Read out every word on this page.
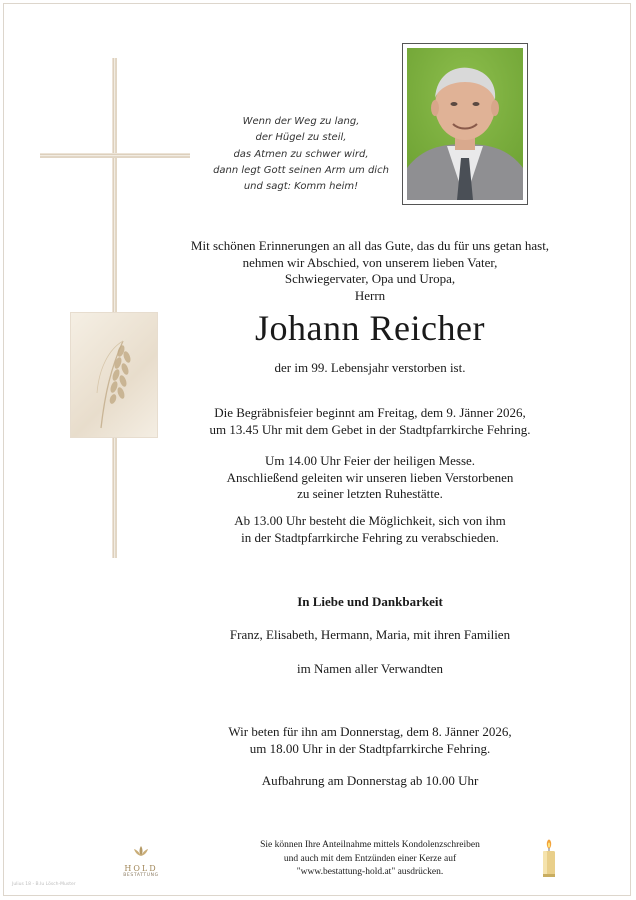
Wenn der Weg zu lang,
der Hügel zu steil,
das Atmen zu schwer wird,
dann legt Gott seinen Arm um dich
und sagt: Komm heim!
Mit schönen Erinnerungen an all das Gute, das du für uns getan hast,
nehmen wir Abschied, von unserem lieben Vater,
Schwiegervater, Opa und Uropa,
Herrn
Johann Reicher
der im 99. Lebensjahr verstorben ist.
Die Begräbnisfeier beginnt am Freitag, dem 9. Jänner 2026,
um 13.45 Uhr mit dem Gebet in der Stadtpfarrkirche Fehring.
Um 14.00 Uhr Feier der heiligen Messe.
Anschließend geleiten wir unseren lieben Verstorbenen
zu seiner letzten Ruhestätte.
Ab 13.00 Uhr besteht die Möglichkeit, sich von ihm
in der Stadtpfarrkirche Fehring zu verabschieden.
In Liebe und Dankbarkeit
Franz, Elisabeth, Hermann, Maria, mit ihren Familien
im Namen aller Verwandten
Wir beten für ihn am Donnerstag, dem 8. Jänner 2026,
um 18.00 Uhr in der Stadtpfarrkirche Fehring.
Aufbahrung am Donnerstag ab 10.00 Uhr
Sie können Ihre Anteilnahme mittels Kondolenzschreiben
und auch mit dem Entzünden einer Kerze auf
"www.bestattung-hold.at" ausdrücken.
HOLD
BESTATTUNG
Julius 18 - B.Iu Lösch-Muster
